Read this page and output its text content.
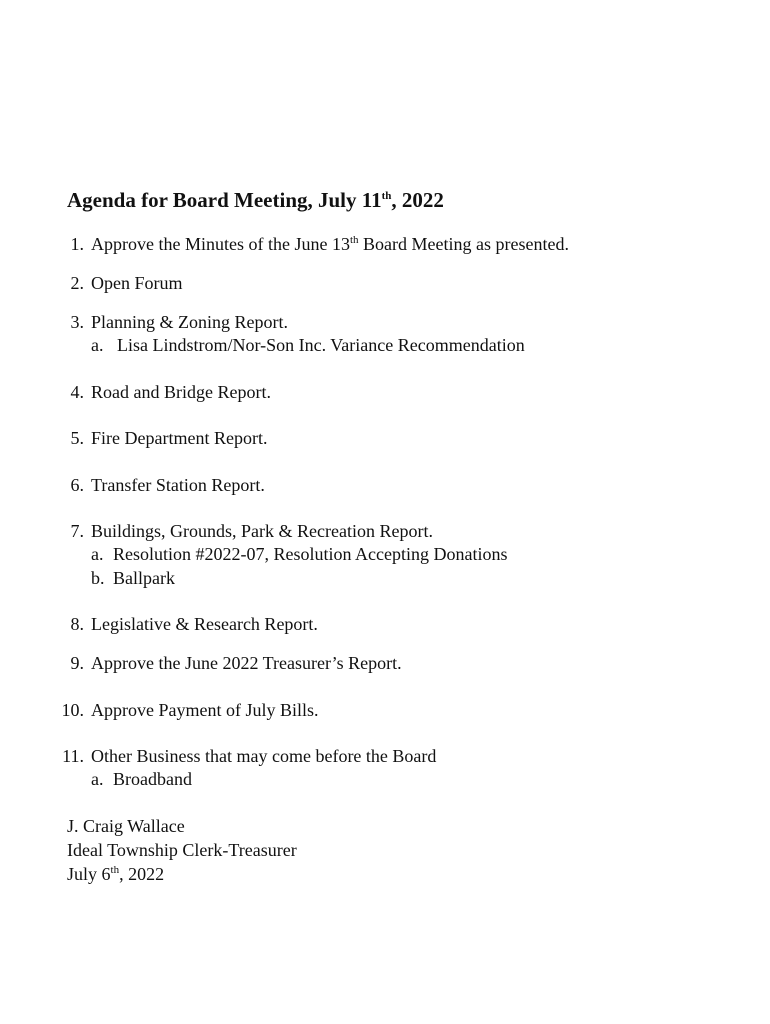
Agenda for Board Meeting, July 11th, 2022
1. Approve the Minutes of the June 13th Board Meeting as presented.
2. Open Forum
3. Planning & Zoning Report.
a. Lisa Lindstrom/Nor-Son Inc. Variance Recommendation
4. Road and Bridge Report.
5. Fire Department Report.
6. Transfer Station Report.
7. Buildings, Grounds, Park & Recreation Report.
a. Resolution #2022-07, Resolution Accepting Donations
b. Ballpark
8. Legislative & Research Report.
9. Approve the June 2022 Treasurer’s Report.
10. Approve Payment of July Bills.
11. Other Business that may come before the Board
a. Broadband
J. Craig Wallace
Ideal Township Clerk-Treasurer
July 6th, 2022
